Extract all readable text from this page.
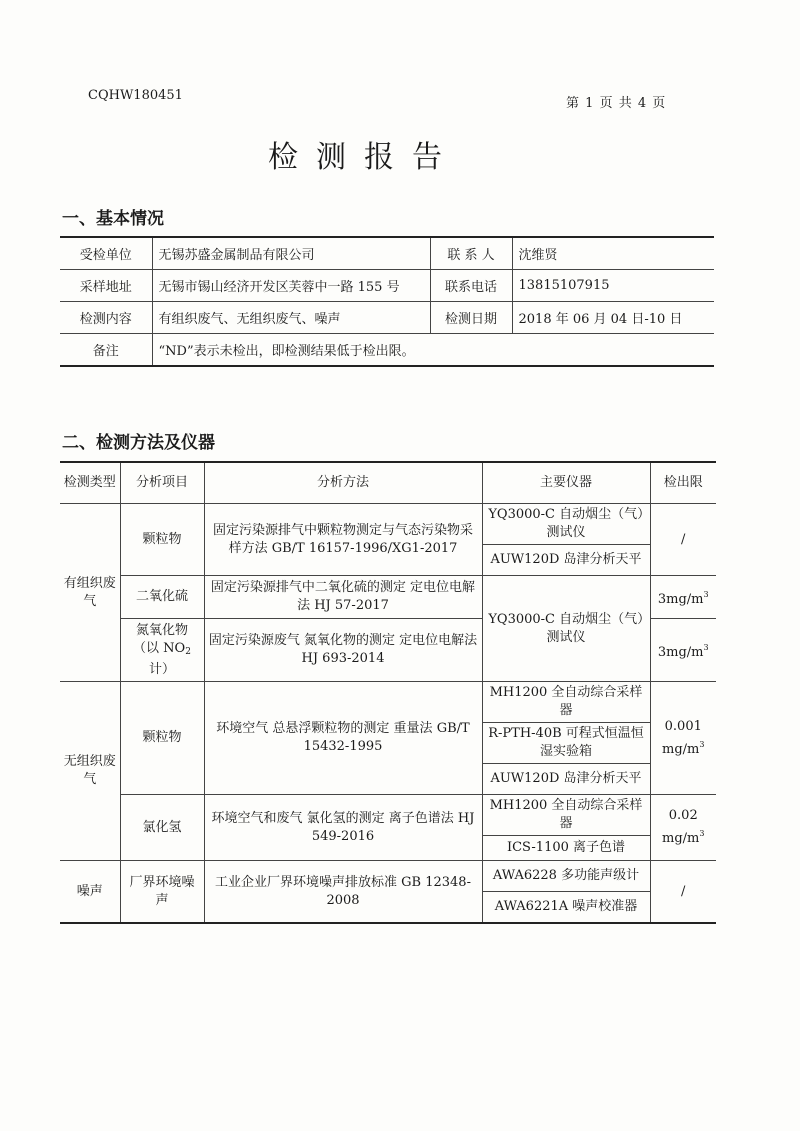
CQHW180451
第 1 页 共 4 页
检测报告
一、基本情况
受检单位	无锡苏盛金属制品有限公司	联 系 人	沈维贤
采样地址	无锡市锡山经济开发区芙蓉中一路 155 号	联系电话	13815107915
检测内容	有组织废气、无组织废气、噪声	检测日期	2018 年 06 月 04 日-10 日
备注	“ND”表示未检出，即检测结果低于检出限。		
二、检测方法及仪器
检测类型	分析项目	分析方法	主要仪器	检出限
有组织废气	颗粒物	固定污染源排气中颗粒物测定与气态污染物采样方法 GB/T 16157-1996/XG1-2017	YQ3000-C 自动烟尘（气）测试仪	/
			AUW120D 岛津分析天平	
	二氧化硫	固定污染源排气中二氧化硫的测定 定电位电解法 HJ 57-2017	YQ3000-C 自动烟尘（气）测试仪	$3mg/m^3$
	氮氧化物（以 $NO_2$计）	固定污染源废气 氮氧化物的测定 定电位电解法 HJ 693-2014		$3mg/m^3$
无组织废气	颗粒物	环境空气 总悬浮颗粒物的测定 重量法 GB/T 15432-1995	MH1200 全自动综合采样器	0.001 $mg/m^3$
			R-PTH-40B 可程式恒温恒湿实验箱	
			AUW120D 岛津分析天平	
	氯化氢	环境空气和废气 氯化氢的测定 离子色谱法 HJ 549-2016	MH1200 全自动综合采样器	0.02 $mg/m^3$
			ICS-1100 离子色谱	
噪声	厂界环境噪声	工业企业厂界环境噪声排放标准 GB 12348-2008	AWA6228 多功能声级计	/
			AWA6221A 噪声校准器	
